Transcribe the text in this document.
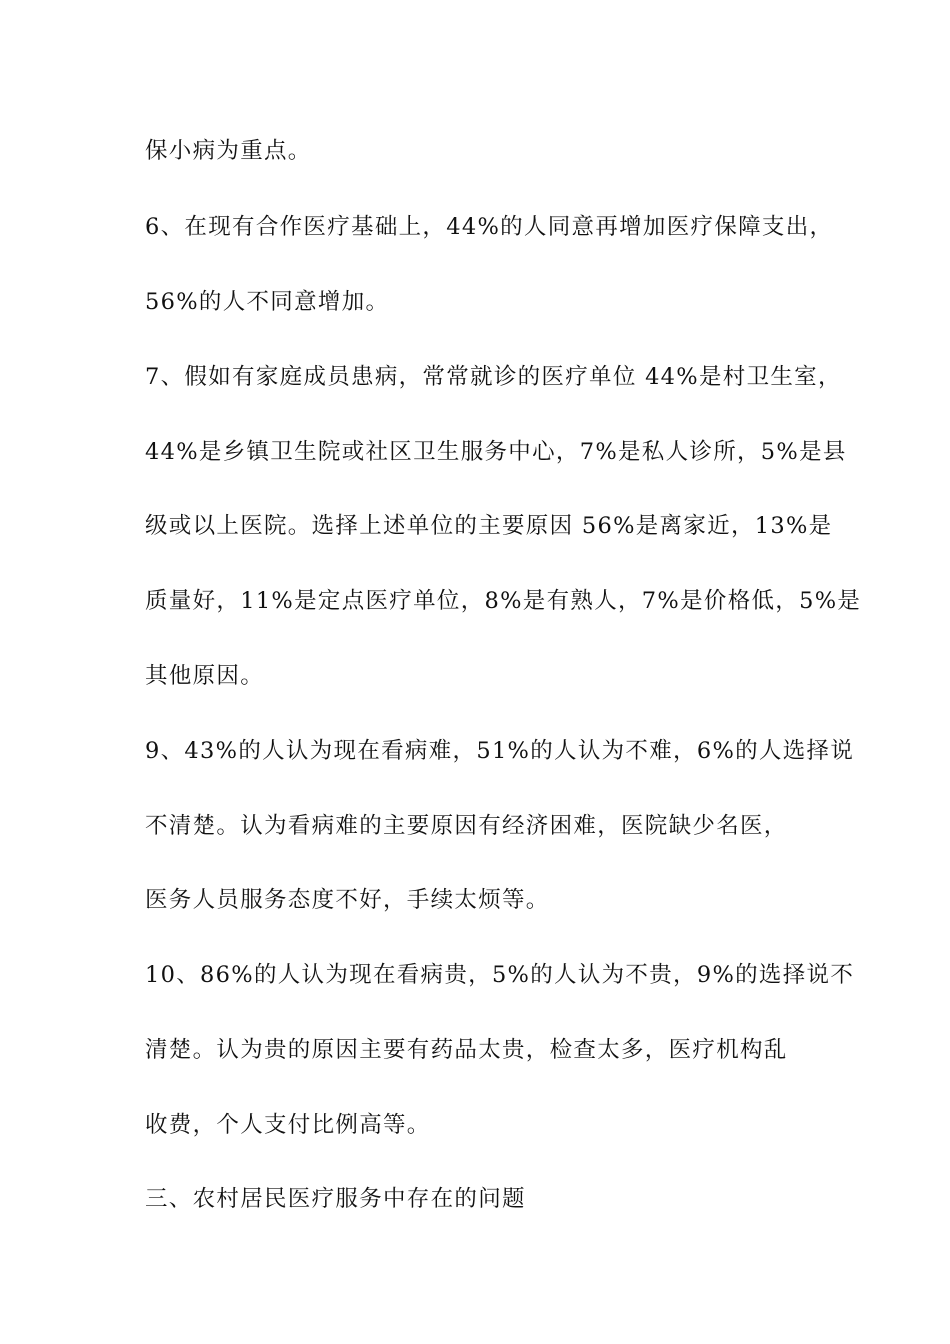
保小病为重点。
6、在现有合作医疗基础上，44%的人同意再增加医疗保障支出，
56%的人不同意增加。
7、假如有家庭成员患病，常常就诊的医疗单位 44%是村卫生室，
44%是乡镇卫生院或社区卫生服务中心，7%是私人诊所，5%是县
级或以上医院。选择上述单位的主要原因 56%是离家近，13%是
质量好，11%是定点医疗单位，8%是有熟人，7%是价格低，5%是
其他原因。
9、43%的人认为现在看病难，51%的人认为不难，6%的人选择说
不清楚。认为看病难的主要原因有经济困难，医院缺少名医，
医务人员服务态度不好，手续太烦等。
10、86%的人认为现在看病贵，5%的人认为不贵，9%的选择说不
清楚。认为贵的原因主要有药品太贵，检查太多，医疗机构乱
收费，个人支付比例高等。
三、农村居民医疗服务中存在的问题
